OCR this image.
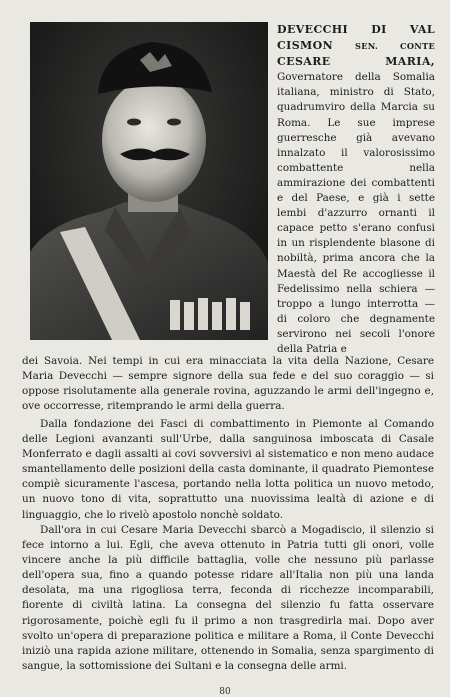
DEVECCHI DI VAL CISMON	SEN. CONTE CESARE MARIA, Governatore della Somalia italiana, ministro di Stato, quadrumviro della Marcia su Roma. Le sue imprese guerresche già avevano innalzato il valorosissimo combattente nella ammirazione dei combattenti e del Paese, e già i sette lembi d'azzurro ornanti il capace petto s'erano confusi in un risplendente blasone di nobiltà, prima ancora che la Maestà del Re accogliesse il Fedelissimo nella schiera — troppo a lungo interrotta — di coloro che degnamente servirono nei secoli l'onore della Patria e

dei Savoia. Nei tempi in cui era minacciata la vita della Nazione, Cesare Maria Devecchi — sempre signore della sua fede e del suo coraggio — si oppose risolutamente alla generale rovina, aguzzando le armi dell'ingegno e, ove occorresse, ritemprando le armi della guerra.

Dalla fondazione dei Fasci di combattimento in Piemonte al Comando delle Legioni avanzanti sull'Urbe, dalla sanguinosa imboscata di Casale Monferrato e dagli assalti ai covi sovversivi al sistematico e non meno audace smantellamento delle posizioni della casta dominante, il quadrato Piemontese compiè sicuramente l'ascesa, portando nella lotta politica un nuovo metodo, un nuovo tono di vita, soprattutto una nuovissima lealtà di azione e di linguaggio, che lo rivelò apostolo nonchè soldato.

Dall'ora in cui Cesare Maria Devecchi sbarcò a Mogadiscio, il silenzio si fece intorno a lui. Egli, che aveva ottenuto in Patria tutti gli onori, volle vincere anche la più difficile battaglia, volle che nessuno più parlasse dell'opera sua, fino a quando potesse ridare all'Italia non più una landa desolata, ma una rigogliosa terra, feconda di ricchezze incomparabili, fiorente di civiltà latina. La consegna del silenzio fu fatta osservare rigorosamente, poichè egli fu il primo a non trasgredirla mai. Dopo aver svolto un'opera di preparazione politica e militare a Roma, il Conte Devecchi iniziò una rapida azione militare, ottenendo in Somalia, senza spargimento di sangue, la sottomissione dei Sultani e la consegna delle armi.

80
